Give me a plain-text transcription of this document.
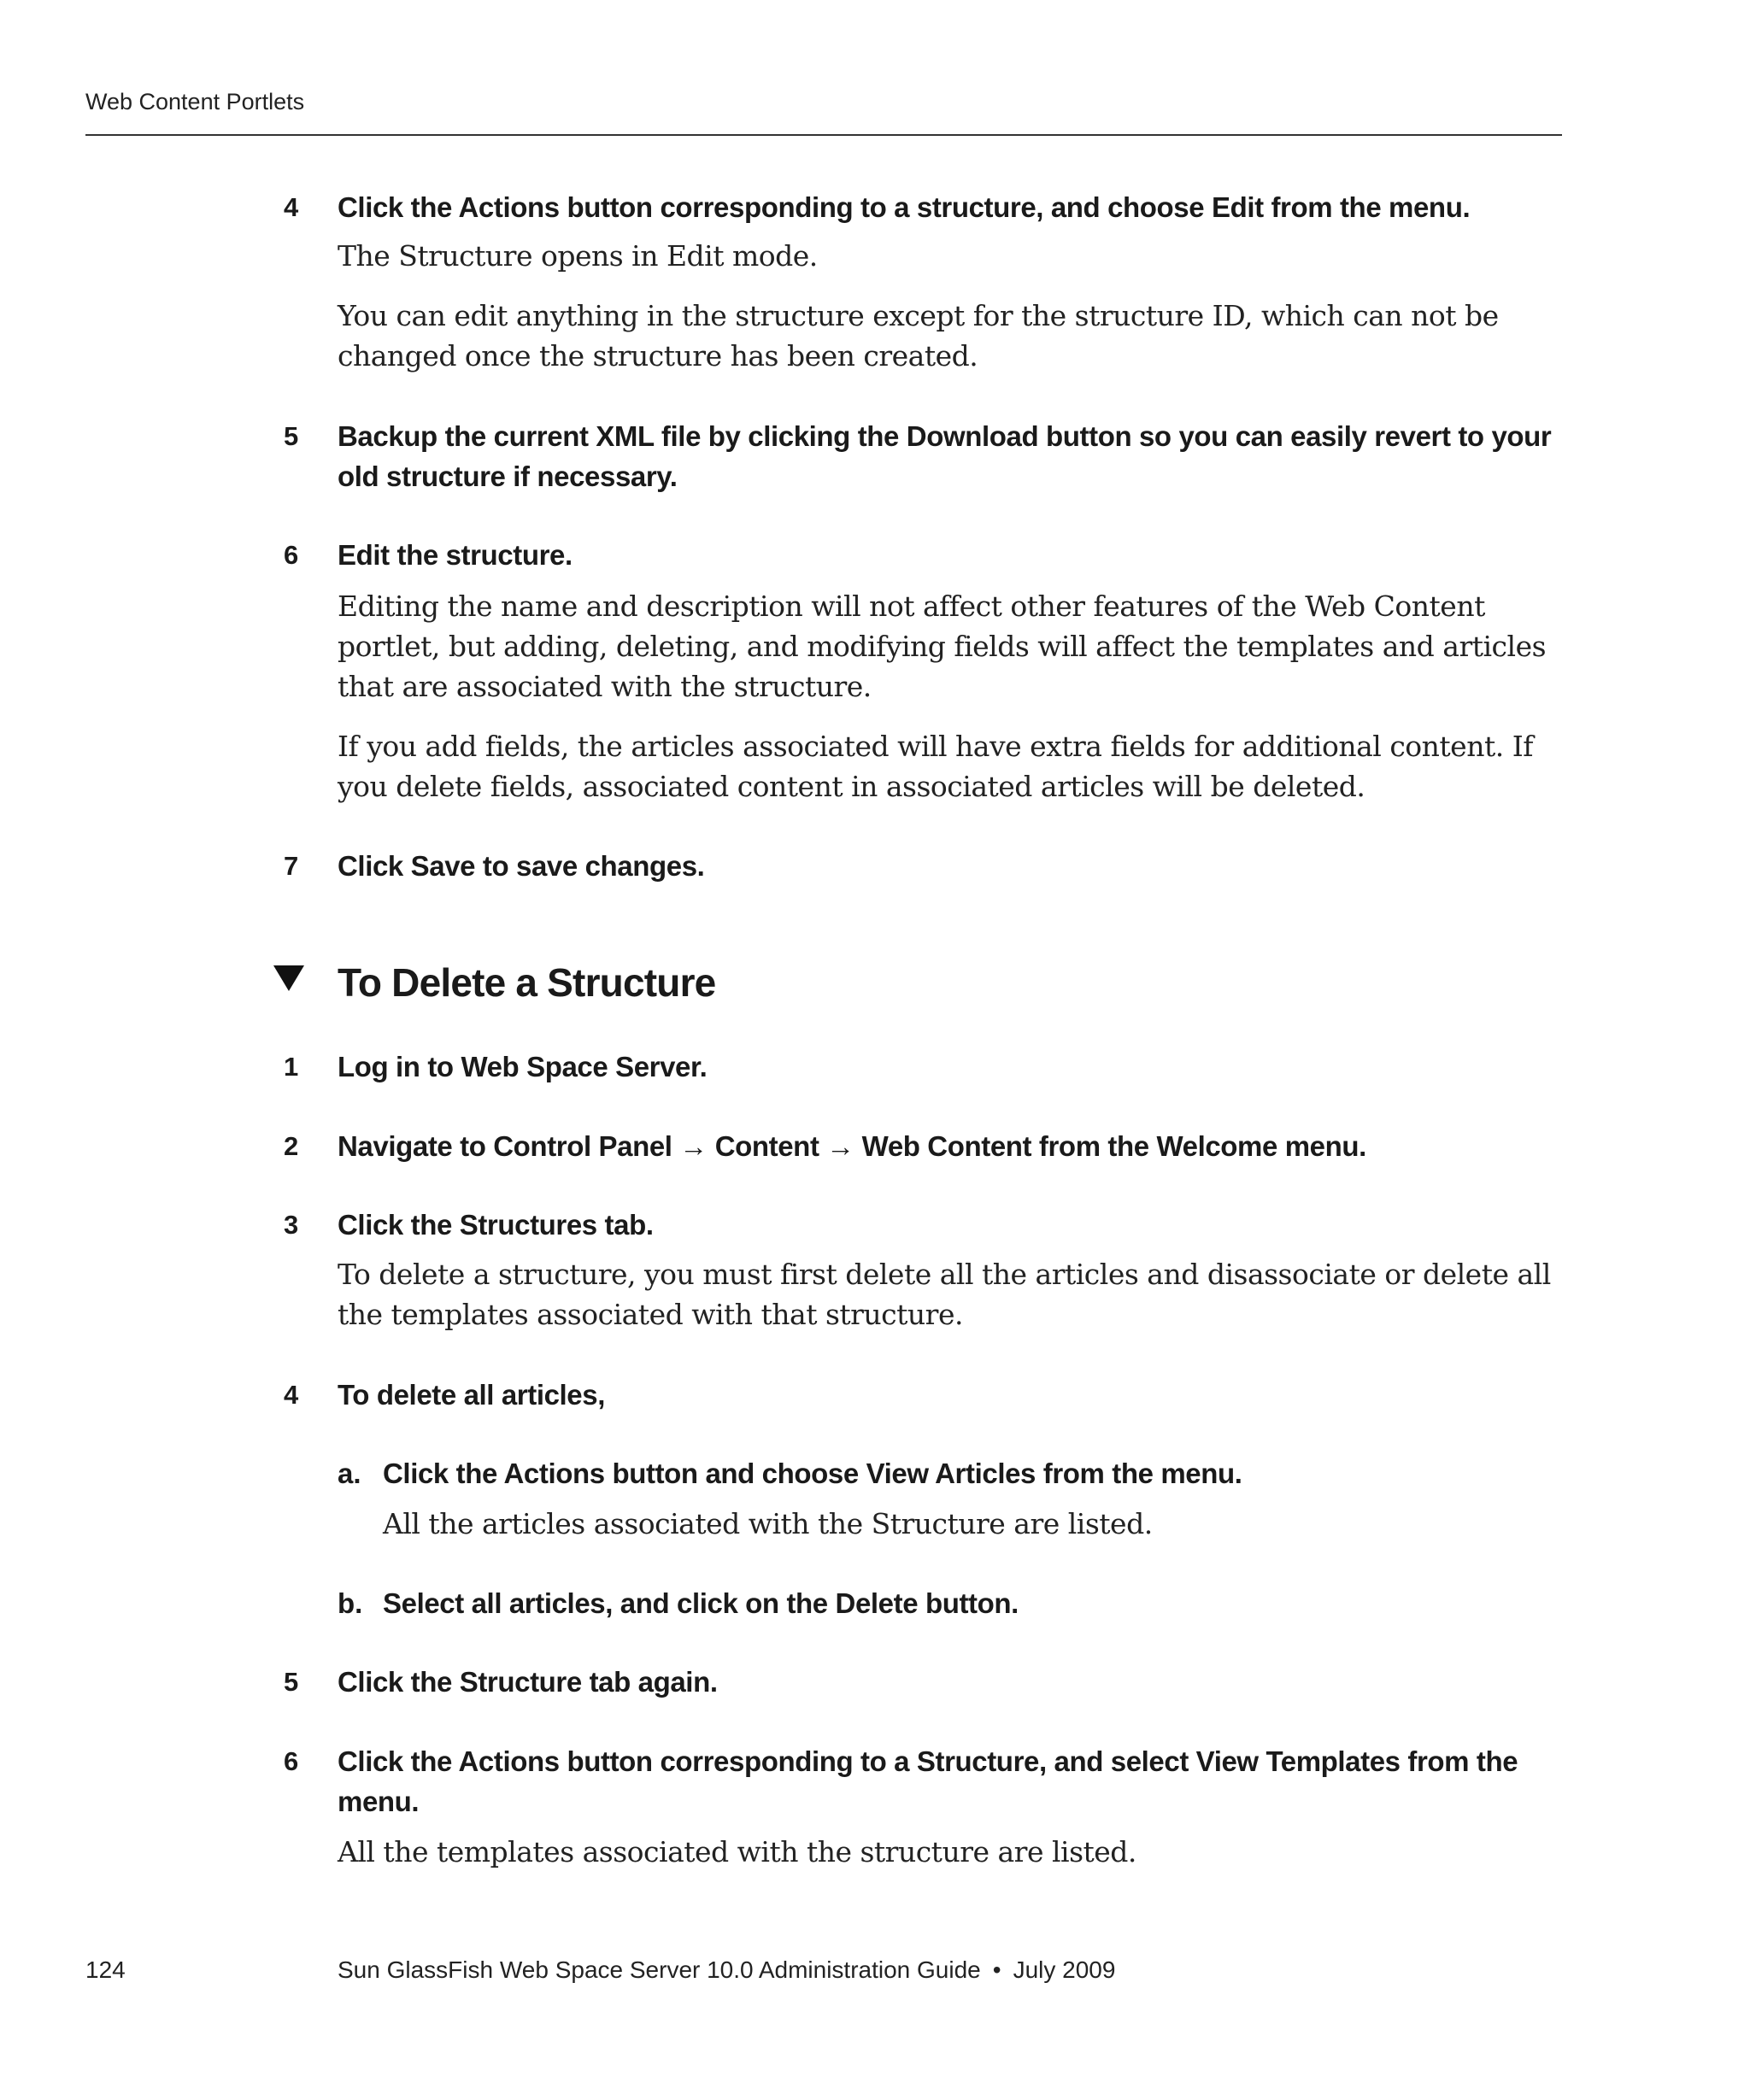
Web Content Portlets
4	Click the Actions button corresponding to a structure, and choose Edit from the menu.
The Structure opens in Edit mode.
You can edit anything in the structure except for the structure ID, which can not be changed once the structure has been created.
5	Backup the current XML file by clicking the Download button so you can easily revert to your old structure if necessary.
6	Edit the structure.
Editing the name and description will not affect other features of the Web Content portlet, but adding, deleting, and modifying fields will affect the templates and articles that are associated with the structure.
If you add fields, the articles associated will have extra fields for additional content. If you delete fields, associated content in associated articles will be deleted.
7	Click Save to save changes.
To Delete a Structure
1	Log in to Web Space Server.
2	Navigate to Control Panel → Content → Web Content from the Welcome menu.
3	Click the Structures tab.
To delete a structure, you must first delete all the articles and disassociate or delete all the templates associated with that structure.
4	To delete all articles,
a. Click the Actions button and choose View Articles from the menu.
All the articles associated with the Structure are listed.
b. Select all articles, and click on the Delete button.
5	Click the Structure tab again.
6	Click the Actions button corresponding to a Structure, and select View Templates from the menu.
All the templates associated with the structure are listed.
124	Sun GlassFish Web Space Server 10.0 Administration Guide • July 2009
